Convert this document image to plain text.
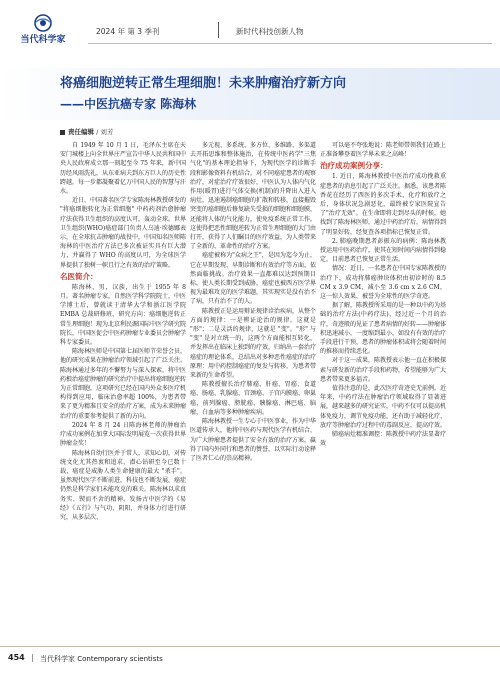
当代科学家
2024 年 第 3 季刊	新时代科技创新人物
将癌细胞逆转正常生理细胞！未来肿瘤治疗新方向
——中医抗癌专家 陈海林
责任编辑 / 刘芳

自 1949 年 10 月 1 日，毛泽东主席在天安门城楼上向全世界庄严宣告中华人民共和国中央人民政府成立那一刻起至今 75 年来，新中国历经风雨洗礼，从东亚病夫到东方巨人的历史性跨越，每一步都凝聚着亿万中国人民的智慧与汗水。

近日，中国著名医学专家陈海林教授研发的 "将癌细胞转化为正常细胞" 中药药剂治愈肿瘤疗法获得卫生组织的高度认可，轰动全球。世界卫生组织(WHO)癌症部门负责人乌迪·埃德娜表示，在全球抗击肿瘤的战役中，中国知名医师陈海林的中医治疗方法已多次被证实具有巨大潜力，并赢得了 WHO 的高度认可，为全球医学界提供了独树一帜且行之有效的治疗策略。

名医简介：

陈海林，男，汉族，出生于 1955 年 8 月。著名肿瘤专家，自然医学科学院院士，中医学博士后，曾就读于清华大学和浙江医学院 EMBA 总裁研修班，研究方向：癌细胞逆转正常生理细胞！现为北京利民源国际中医学研究院院长，中国医促会中医药肿瘤专业委员会肿瘤学科专家委员。

陈海林医师是中国第七届医师节荣誉会员，他的研究成果在肿瘤治疗领域引起了广泛关注。陈海林通过多年的不懈努力与深入探索，将中医药根治癌症肿瘤的研究治疗中提出将癌细胞逆转为正常细胞，这项研究已经在国内外众多医疗机构得到应用，临床治愈率超 100%，为患者带来了更为精准且安全的治疗方案，成为未来肿瘤治疗的重要参考提供了新的方向。

2024 年 8 月 24 日陈海林老师的肿瘤治疗成功案例在加拿大国际发明展览一次获得世界肿瘤金奖！

陈海林自幼行医并于常人，求知心切，对传统文化尤其热衷和追求，潜心钻研至今已数十载，癌症是威胁人类生命健康的最大 "杀手"。虽然现代医学不断前进，科技也不断发展，癌症仍然是科学家们未能攻克的难关。陈海林以求真务实、锲而不舍的精神，发扬古中医学的《易经》《五行》与气功、阴阳，并身体力行进行研究，从多层次、

多元视、多系统、多方位、多维路、多渠道去开拓思维和整体施治，在传统中医药学"三焦气化"的基本理论指导下，为现代医学的诊断手段和影像资料有机结合。对不同癌症患者的观察治疗，对症治疗疗效很好，中医认为人体内气化作用(暖胃)进行气体交换(机制)的升降出入进入病灶，迅速遏制癌细胞的扩散和转移，直接摧毁突变的癌细胞后修复缺失受损的细胞和细胞膜，还能将人体的气化能力，使免疫系统正常工作。这使得把恶性细胞逆转为正常生理细胞的大门由打开，获得了人们瞩目的医疗效益，为人类带来了全新的、革命性的治疗方案。

癌症被称为"众病之王"，是因为迄今为止，它在早期发现、早期诊断和有效治疗等方面，依然面临挑战。治疗效果一直都难以达到预期目标，使人类长期受到威胁。癌症也被西方医学界视为最难攻克的医学难题，其实现实是没有治不了病，只有治不了的人。

陈教授正是运用辩证规律诊治疾病，从整个方面的规律：一是辨证论治的规律，这就是 "形"；二是灵活的规律，这就是 "变"。"形" 与 "变" 是对立统一的，这两个方面能相互转化，并发挥出在临床上独到的疗效，归纳出一套治疗癌症的理论体系，总结出对多种恶性癌症的治疗原理：用中药控制癌症的复发与转移，为患者带来新的生命希望。

陈教授擅长治疗肺癌、肝癌、胃癌、食道癌、肠癌、乳腺癌、宫颈癌、子宫内膜癌、卵巢癌、前列腺癌、膀胱癌、胰腺癌、淋巴癌、脑瘤、白血病等多种肿瘤疾病。

陈海林教授一生专心于中医事业，作为中华医道传承人，他将中医药与现代医学有机结合，为广大肿瘤患者提供了安全有效的治疗方案，赢得了国内外同行和患者的赞誉，以实际行动诠释了医者仁心的崇高精神。

可以毫不夸张地说：陈老师带领我们在路上正准备攀登着医学界未来之高峰！

治疗成功案例分享：

1. 近日，陈海林教授中医治疗成功挽救重症患者的消息引起了广泛关注。据悉，该患者陈香花在经历了西医的多次手术、化疗和放疗之后，身体状况急剧恶化，最终被专家医院宣告了"治疗无效"。在生命即将走到尽头的时候，她找到了陈海林医师，通过中药治疗后，病情得到了明显好转，经复查各项指标已恢复正常。

2. 肺癌晚期患者彭振东的病例：陈海林教授运用中医药治疗，使其在短时间内病情得到稳定，目前患者已恢复正常生活。

情况：近日，一名患者在中国专家陈教授的治疗下，成功将肺癌肿块体积由初诊时的 8.5 CM x 3.9 CM，减小至 3.6 cm x 2.6 CM，这一惊人效果，被誉为全球性的医学奇迹。

据了解，陈教授所采用的是一种以中药为基础的治疗方法(中药疗法)，经过近一个月的治疗，奇迹般的见证了患者病情的好转——肿瘤体积迅速减小，一度缩到最小，如没有有效的治疗手段进行干预，患者的肿瘤体积或将会随着时间的推移而持续恶化。

对于这一成果，陈教授表示他一直在积极探索与研发新的治疗手段和药物，希望能够为广大患者带来更多福音。

值得注意的是，此次医疗奇迹史无前例。近年来，中药疗法在肿瘤治疗领域取得了显著进展，越来越多的研究证实，中药不仅可以提高机体免疫力，调节免疫功能，还有助于减轻化疗、放疗等肿瘤治疗过程中的毒副反应，提高疗效。

肺癌病灶精准调控：陈教授中药疗法显著疗效

454 | 当代科学家 Contemporary scientists
